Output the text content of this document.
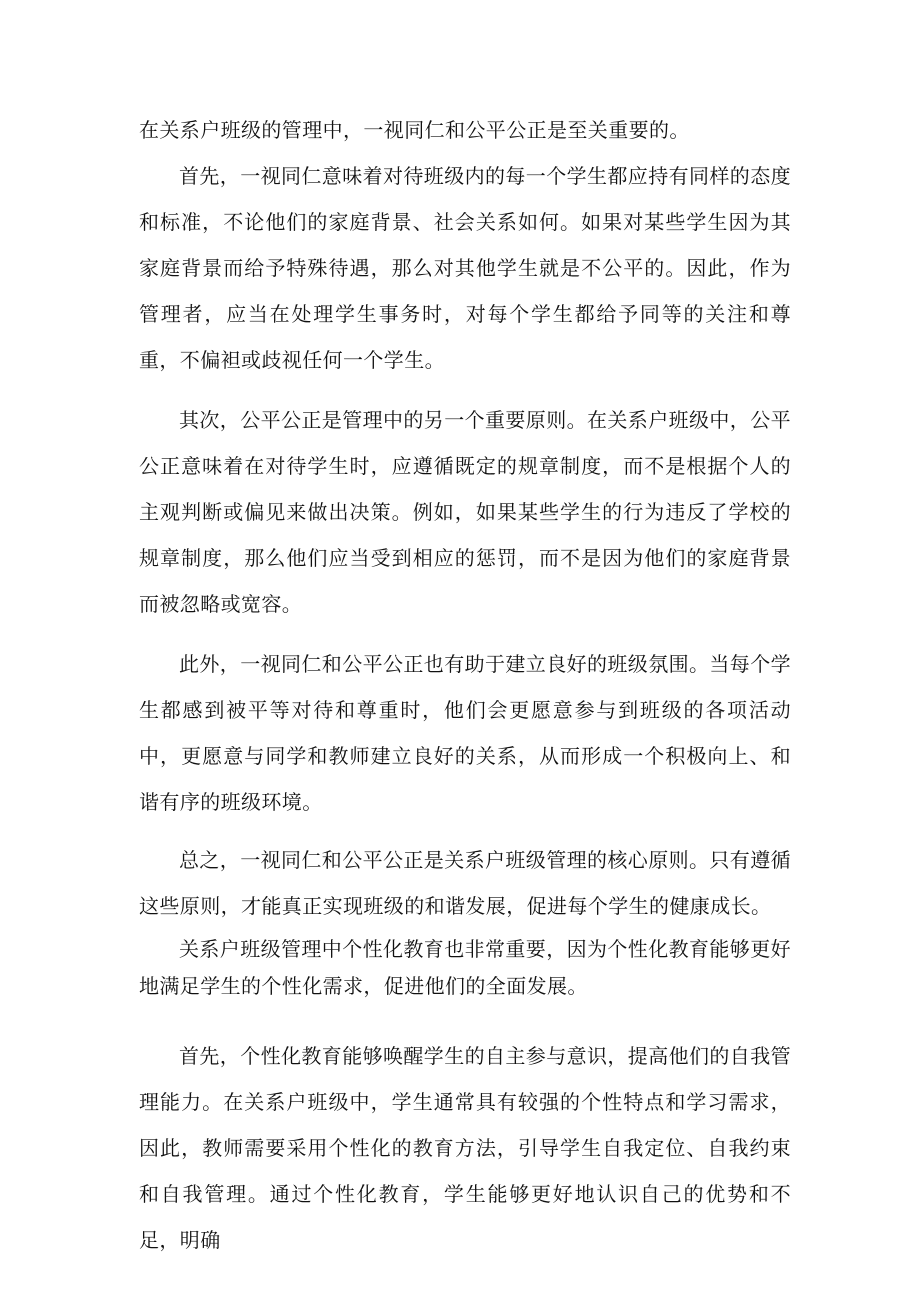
在关系户班级的管理中，一视同仁和公平公正是至关重要的。

首先，一视同仁意味着对待班级内的每一个学生都应持有同样的态度和标准，不论他们的家庭背景、社会关系如何。如果对某些学生因为其家庭背景而给予特殊待遇，那么对其他学生就是不公平的。因此，作为管理者，应当在处理学生事务时，对每个学生都给予同等的关注和尊重，不偏袒或歧视任何一个学生。

其次，公平公正是管理中的另一个重要原则。在关系户班级中，公平公正意味着在对待学生时，应遵循既定的规章制度，而不是根据个人的主观判断或偏见来做出决策。例如，如果某些学生的行为违反了学校的规章制度，那么他们应当受到相应的惩罚，而不是因为他们的家庭背景而被忽略或宽容。

此外，一视同仁和公平公正也有助于建立良好的班级氛围。当每个学生都感到被平等对待和尊重时，他们会更愿意参与到班级的各项活动中，更愿意与同学和教师建立良好的关系，从而形成一个积极向上、和谐有序的班级环境。

总之，一视同仁和公平公正是关系户班级管理的核心原则。只有遵循这些原则，才能真正实现班级的和谐发展，促进每个学生的健康成长。

关系户班级管理中个性化教育也非常重要，因为个性化教育能够更好地满足学生的个性化需求，促进他们的全面发展。

首先，个性化教育能够唤醒学生的自主参与意识，提高他们的自我管理能力。在关系户班级中，学生通常具有较强的个性特点和学习需求，因此，教师需要采用个性化的教育方法，引导学生自我定位、自我约束和自我管理。通过个性化教育，学生能够更好地认识自己的优势和不足，明确
